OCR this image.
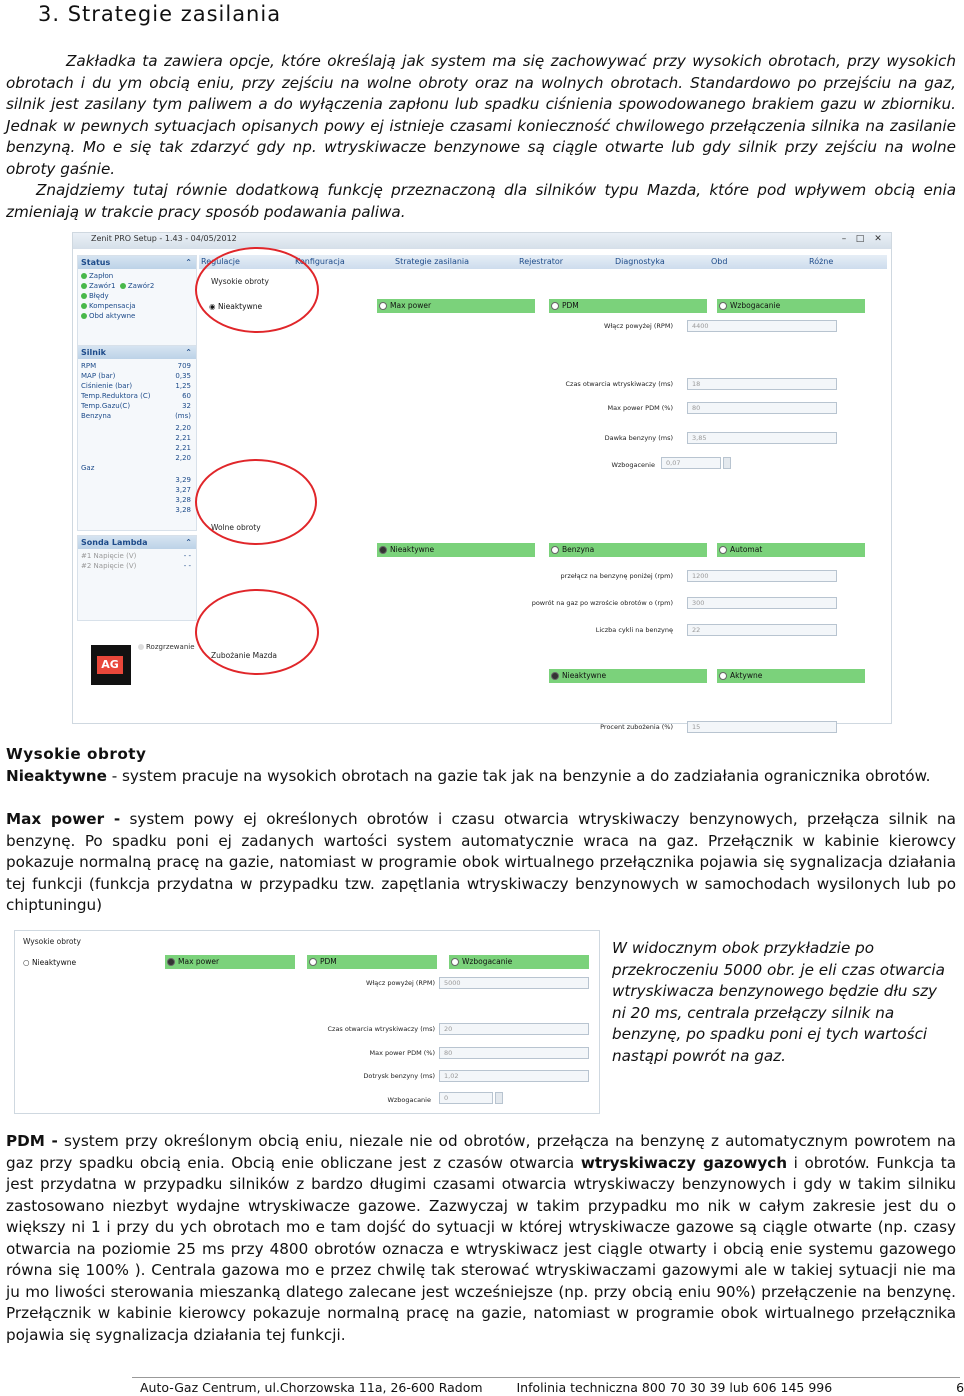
3. Strategie zasilania

Zakładka ta zawiera opcje, które określają jak system ma się zachowywać przy wysokich obrotach, przy wysokich obrotach i du ym obcią eniu, przy zejściu na wolne obroty oraz na wolnych obrotach. Standardowo po przejściu na gaz, silnik jest zasilany tym paliwem a do wyłączenia zapłonu lub spadku ciśnienia spowodowanego brakiem gazu w zbiorniku. Jednak w pewnych sytuacjach opisanych powy ej istnieje czasami konieczność chwilowego przełączenia silnika na zasilanie benzyną. Mo e się tak zdarzyć gdy np. wtryskiwacze benzynowe są ciągle otwarte lub gdy silnik przy zejściu na wolne obroty gaśnie.

Znajdziemy tutaj równie dodatkową funkcję przeznaczoną dla silników typu Mazda, które pod wpływem obcią enia zmieniają w trakcie pracy sposób podawania paliwa.

Zenit PRO Setup - 1.43 - 04/05/2012	–	□	✕
Status	⌃
Zapłon
Zawór1 Zawór2
Błędy
Kompensacja
Obd aktywne
Silnik	⌃
RPM	709
MAP (bar)	0,35
Ciśnienie (bar)	1,25
Temp.Reduktora (C)	60
Temp.Gazu(C)	32
Benzyna	(ms)
2,20
2,21
2,21
2,20
Gaz
3,29
3,27
3,28
3,28
Sonda Lambda	⌃
#1 Napięcie (V)	- -
#2 Napięcie (V)	- -
AG
Rozgrzewanie
Regulacje	Konfiguracja	Strategie zasilania	Rejestrator	Diagnostyka	Obd	Różne
Wysokie obroty
◉ Nieaktywne	Max power	PDM	Wzbogacanie
Włącz powyżej (RPM)	4400
Czas otwarcia wtryskiwaczy (ms)	18
Max power PDM (%)	80
Dawka benzyny (ms)	3,85
Wzbogacenie	0,07
Wolne obroty
Nieaktywne	Benzyna	Automat
przełącz na benzynę poniżej (rpm)	1200
powrót na gaz po wzroście obrotów o (rpm)	300
Liczba cykli na benzynę	22
Zubożanie Mazda
Nieaktywne	Aktywne
Procent zubożenia (%)	15

Wysokie obroty

Nieaktywne - system pracuje na wysokich obrotach na gazie tak jak na benzynie a do zadziałania ogranicznika obrotów.

Max power - system powy ej określonych obrotów i czasu otwarcia wtryskiwaczy benzynowych, przełącza silnik na benzynę. Po spadku poni ej zadanych wartości system automatycznie wraca na gaz. Przełącznik w kabinie kierowcy pokazuje normalną pracę na gazie, natomiast w programie obok wirtualnego przełącznika pojawia się sygnalizacja działania tej funkcji (funkcja przydatna w przypadku tzw. zapętlania wtryskiwaczy benzynowych w samochodach wysilonych lub po chiptuningu)

Wysokie obroty
○ Nieaktywne	Max power	PDM	Wzbogacanie
Włącz powyżej (RPM)	5000
Czas otwarcia wtryskiwaczy (ms)	20
Max power PDM (%)	80
Dotrysk benzyny (ms)	1,02
Wzbogacanie	0

W widocznym obok przykładzie po przekroczeniu 5000 obr. je eli czas otwarcia wtryskiwacza benzynowego będzie dłu szy ni 20 ms, centrala przełączy silnik na benzynę, po spadku poni ej tych wartości nastąpi powrót na gaz.

PDM - system przy określonym obcią eniu, niezale nie od obrotów, przełącza na benzynę z automatycznym powrotem na gaz przy spadku obcią enia. Obcią enie obliczane jest z czasów otwarcia wtryskiwaczy gazowych i obrotów. Funkcja ta jest przydatna w przypadku silników z bardzo długimi czasami otwarcia wtryskiwaczy benzynowych i gdy w takim silniku zastosowano niezbyt wydajne wtryskiwacze gazowe. Zazwyczaj w takim przypadku mo nik w całym zakresie jest du o większy ni 1 i przy du ych obrotach mo e tam dojść do sytuacji w której wtryskiwacze gazowe są ciągle otwarte (np. czasy otwarcia na poziomie 25 ms przy 4800 obrotów oznacza e wtryskiwacz jest ciągle otwarty i obcią enie systemu gazowego równa się 100% ). Centrala gazowa mo e przez chwilę tak sterować wtryskiwaczami gazowymi ale w takiej sytuacji nie ma ju mo liwości sterowania mieszanką dlatego zalecane jest wcześniejsze (np. przy obcią eniu 90%) przełączenie na benzynę. Przełącznik w kabinie kierowcy pokazuje normalną pracę na gazie, natomiast w programie obok wirtualnego przełącznika pojawia się sygnalizacja działania tej funkcji.

Auto-Gaz Centrum, ul.Chorzowska 11a, 26-600 Radom	Infolinia techniczna 800 70 30 39 lub 606 145 996	6
